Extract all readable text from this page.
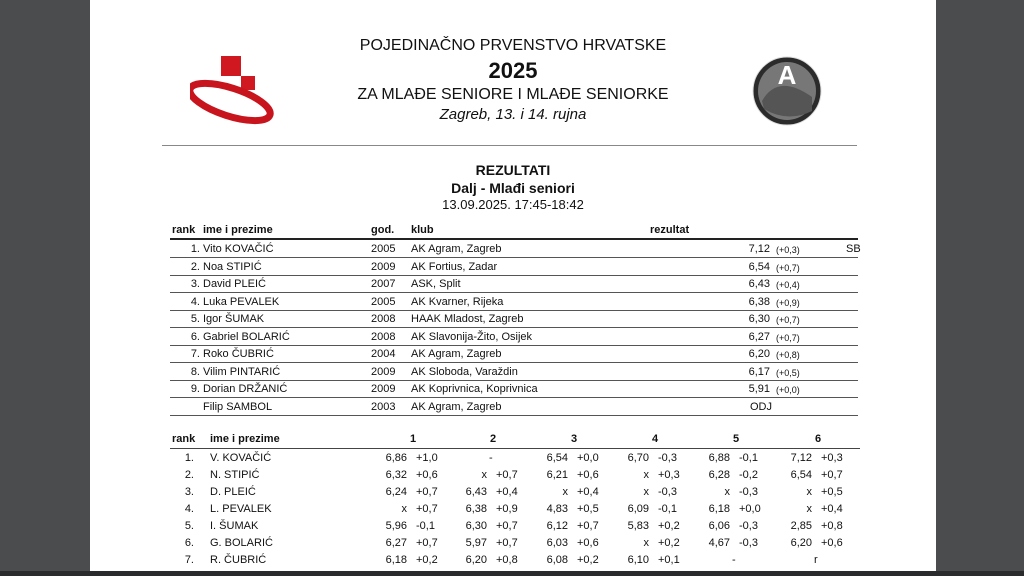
A
POJEDINAČNO PRVENSTVO HRVATSKE
2025
ZA MLAĐE SENIORE I MLAĐE SENIORKE
Zagreb, 13. i 14. rujna
REZULTATI
Dalj - Mlađi seniori
13.09.2025. 17:45-18:42
rank ime i prezime	god. klub	rezultat
1. Vito KOVAČIĆ	2005 AK Agram, Zagreb	7,12 (+0,3)	SB
2. Noa STIPIĆ	2009 AK Fortius, Zadar	6,54 (+0,7)
3. David PLEIĆ	2007 ASK, Split	6,43 (+0,4)
4. Luka PEVALEK	2005 AK Kvarner, Rijeka	6,38 (+0,9)
5. Igor ŠUMAK	2008 HAAK Mladost, Zagreb	6,30 (+0,7)
6. Gabriel BOLARIĆ	2008 AK Slavonija-Žito, Osijek	6,27 (+0,7)
7. Roko ČUBRIĆ	2004 AK Agram, Zagreb	6,20 (+0,8)
8. Vilim PINTARIĆ	2009 AK Sloboda, Varaždin	6,17 (+0,5)
9. Dorian DRŽANIĆ	2009 AK Koprivnica, Koprivnica	5,91 (+0,0)
Filip SAMBOL	2003 AK Agram, Zagreb	ODJ
rank ime i prezime	1	2	3	4	5	6
1. V. KOVAČIĆ	6,86 +1,0	-	6,54 +0,0	6,70 -0,3	6,88 -0,1	7,12 +0,3
2. N. STIPIĆ	6,32 +0,6	x +0,7	6,21 +0,6	x +0,3	6,28 -0,2	6,54 +0,7
3. D. PLEIĆ	6,24 +0,7	6,43 +0,4	x +0,4	x -0,3	x -0,3	x +0,5
4. L. PEVALEK	x +0,7	6,38 +0,9	4,83 +0,5	6,09 -0,1	6,18 +0,0	x +0,4
5. I. ŠUMAK	5,96 -0,1	6,30 +0,7	6,12 +0,7	5,83 +0,2	6,06 -0,3	2,85 +0,8
6. G. BOLARIĆ	6,27 +0,7	5,97 +0,7	6,03 +0,6	x +0,2	4,67 -0,3	6,20 +0,6
7. R. ČUBRIĆ	6,18 +0,2	6,20 +0,8	6,08 +0,2	6,10 +0,1	-	r
